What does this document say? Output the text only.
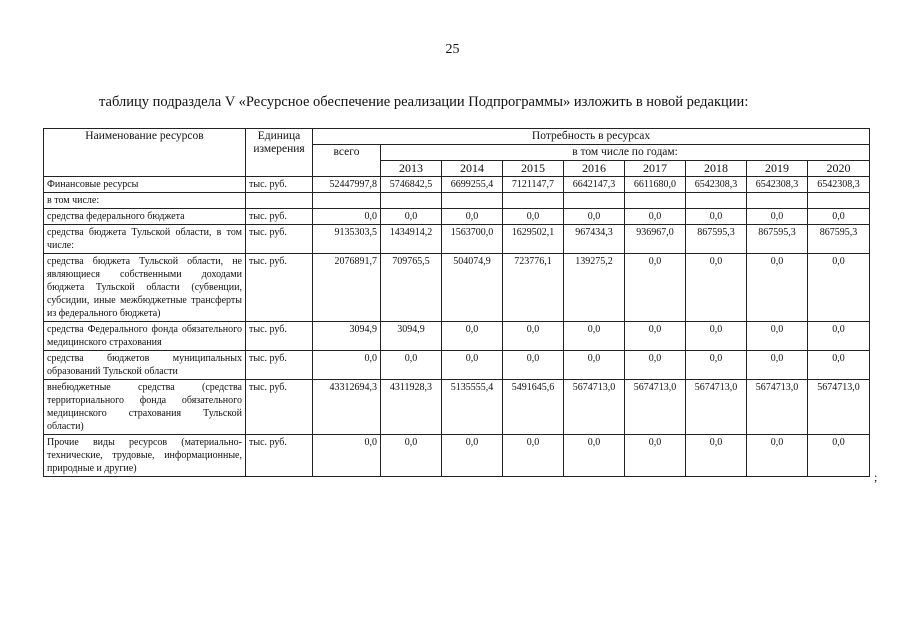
25
таблицу подраздела V «Ресурсное обеспечение реализации Подпрограммы» изложить в новой редакции:
Наименование ресурсов	Единица измерения	Потребность в ресурсах								
		всего	в том числе по годам:							
			2013	2014	2015	2016	2017	2018	2019	2020
Финансовые ресурсы	тыс. руб.	52447997,8	5746842,5	6699255,4	7121147,7	6642147,3	6611680,0	6542308,3	6542308,3	6542308,3
в том числе:										
средства федерального бюджета	тыс. руб.	0,0	0,0	0,0	0,0	0,0	0,0	0,0	0,0	0,0
средства бюджета Тульской области, в том числе:	тыс. руб.	9135303,5	1434914,2	1563700,0	1629502,1	967434,3	936967,0	867595,3	867595,3	867595,3
средства бюджета Тульской области, не являющиеся собственными доходами бюджета Тульской области (субвенции, субсидии, иные межбюджетные трансферты из федерального бюджета)	тыс. руб.	2076891,7	709765,5	504074,9	723776,1	139275,2	0,0	0,0	0,0	0,0
средства Федерального фонда обязательного медицинского страхования	тыс. руб.	3094,9	3094,9	0,0	0,0	0,0	0,0	0,0	0,0	0,0
средства бюджетов муниципальных образований Тульской области	тыс. руб.	0,0	0,0	0,0	0,0	0,0	0,0	0,0	0,0	0,0
внебюджетные средства (средства территориального фонда обязательного медицинского страхования Тульской области)	тыс. руб.	43312694,3	4311928,3	5135555,4	5491645,6	5674713,0	5674713,0	5674713,0	5674713,0	5674713,0
Прочие виды ресурсов (материально-технические, трудовые, информационные, природные и другие)	тыс. руб.	0,0	0,0	0,0	0,0	0,0	0,0	0,0	0,0	0,0
;
